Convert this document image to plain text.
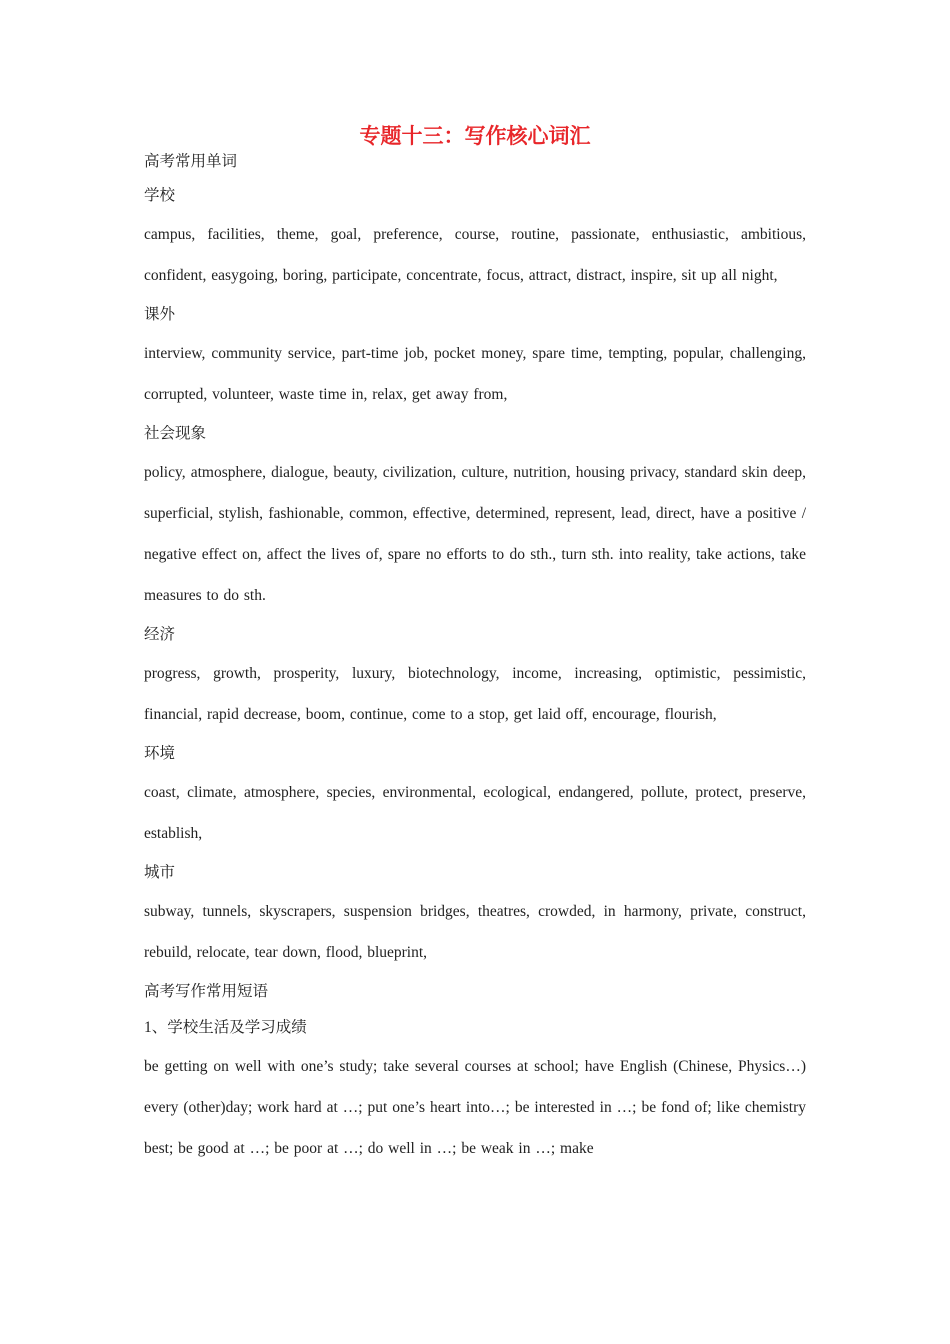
专题十三：写作核心词汇
高考常用单词
学校

campus, facilities, theme, goal, preference, course, routine, passionate, enthusiastic, ambitious, confident, easygoing, boring, participate, concentrate, focus, attract, distract, inspire, sit up all night,

课外

interview, community service, part-time job, pocket money, spare time, tempting, popular, challenging, corrupted, volunteer, waste time in, relax, get away from,

社会现象

policy, atmosphere, dialogue, beauty, civilization, culture, nutrition, housing privacy, standard skin deep, superficial, stylish, fashionable, common, effective, determined, represent, lead, direct, have a positive / negative effect on, affect the lives of, spare no efforts to do sth., turn sth. into reality, take actions, take measures to do sth.

经济

progress, growth, prosperity, luxury, biotechnology, income, increasing, optimistic, pessimistic, financial, rapid decrease, boom, continue, come to a stop, get laid off, encourage, flourish,

环境

coast, climate, atmosphere, species, environmental, ecological, endangered, pollute, protect, preserve, establish,

城市

subway, tunnels, skyscrapers, suspension bridges, theatres, crowded, in harmony, private, construct, rebuild, relocate, tear down, flood, blueprint,

高考写作常用短语
1、学校生活及学习成绩

be getting on well with one’s study; take several courses at school; have English (Chinese, Physics…) every (other)day; work hard at …; put one’s heart into…; be interested in …; be fond of; like chemistry best; be good at …; be poor at …; do well in …; be weak in …; make
